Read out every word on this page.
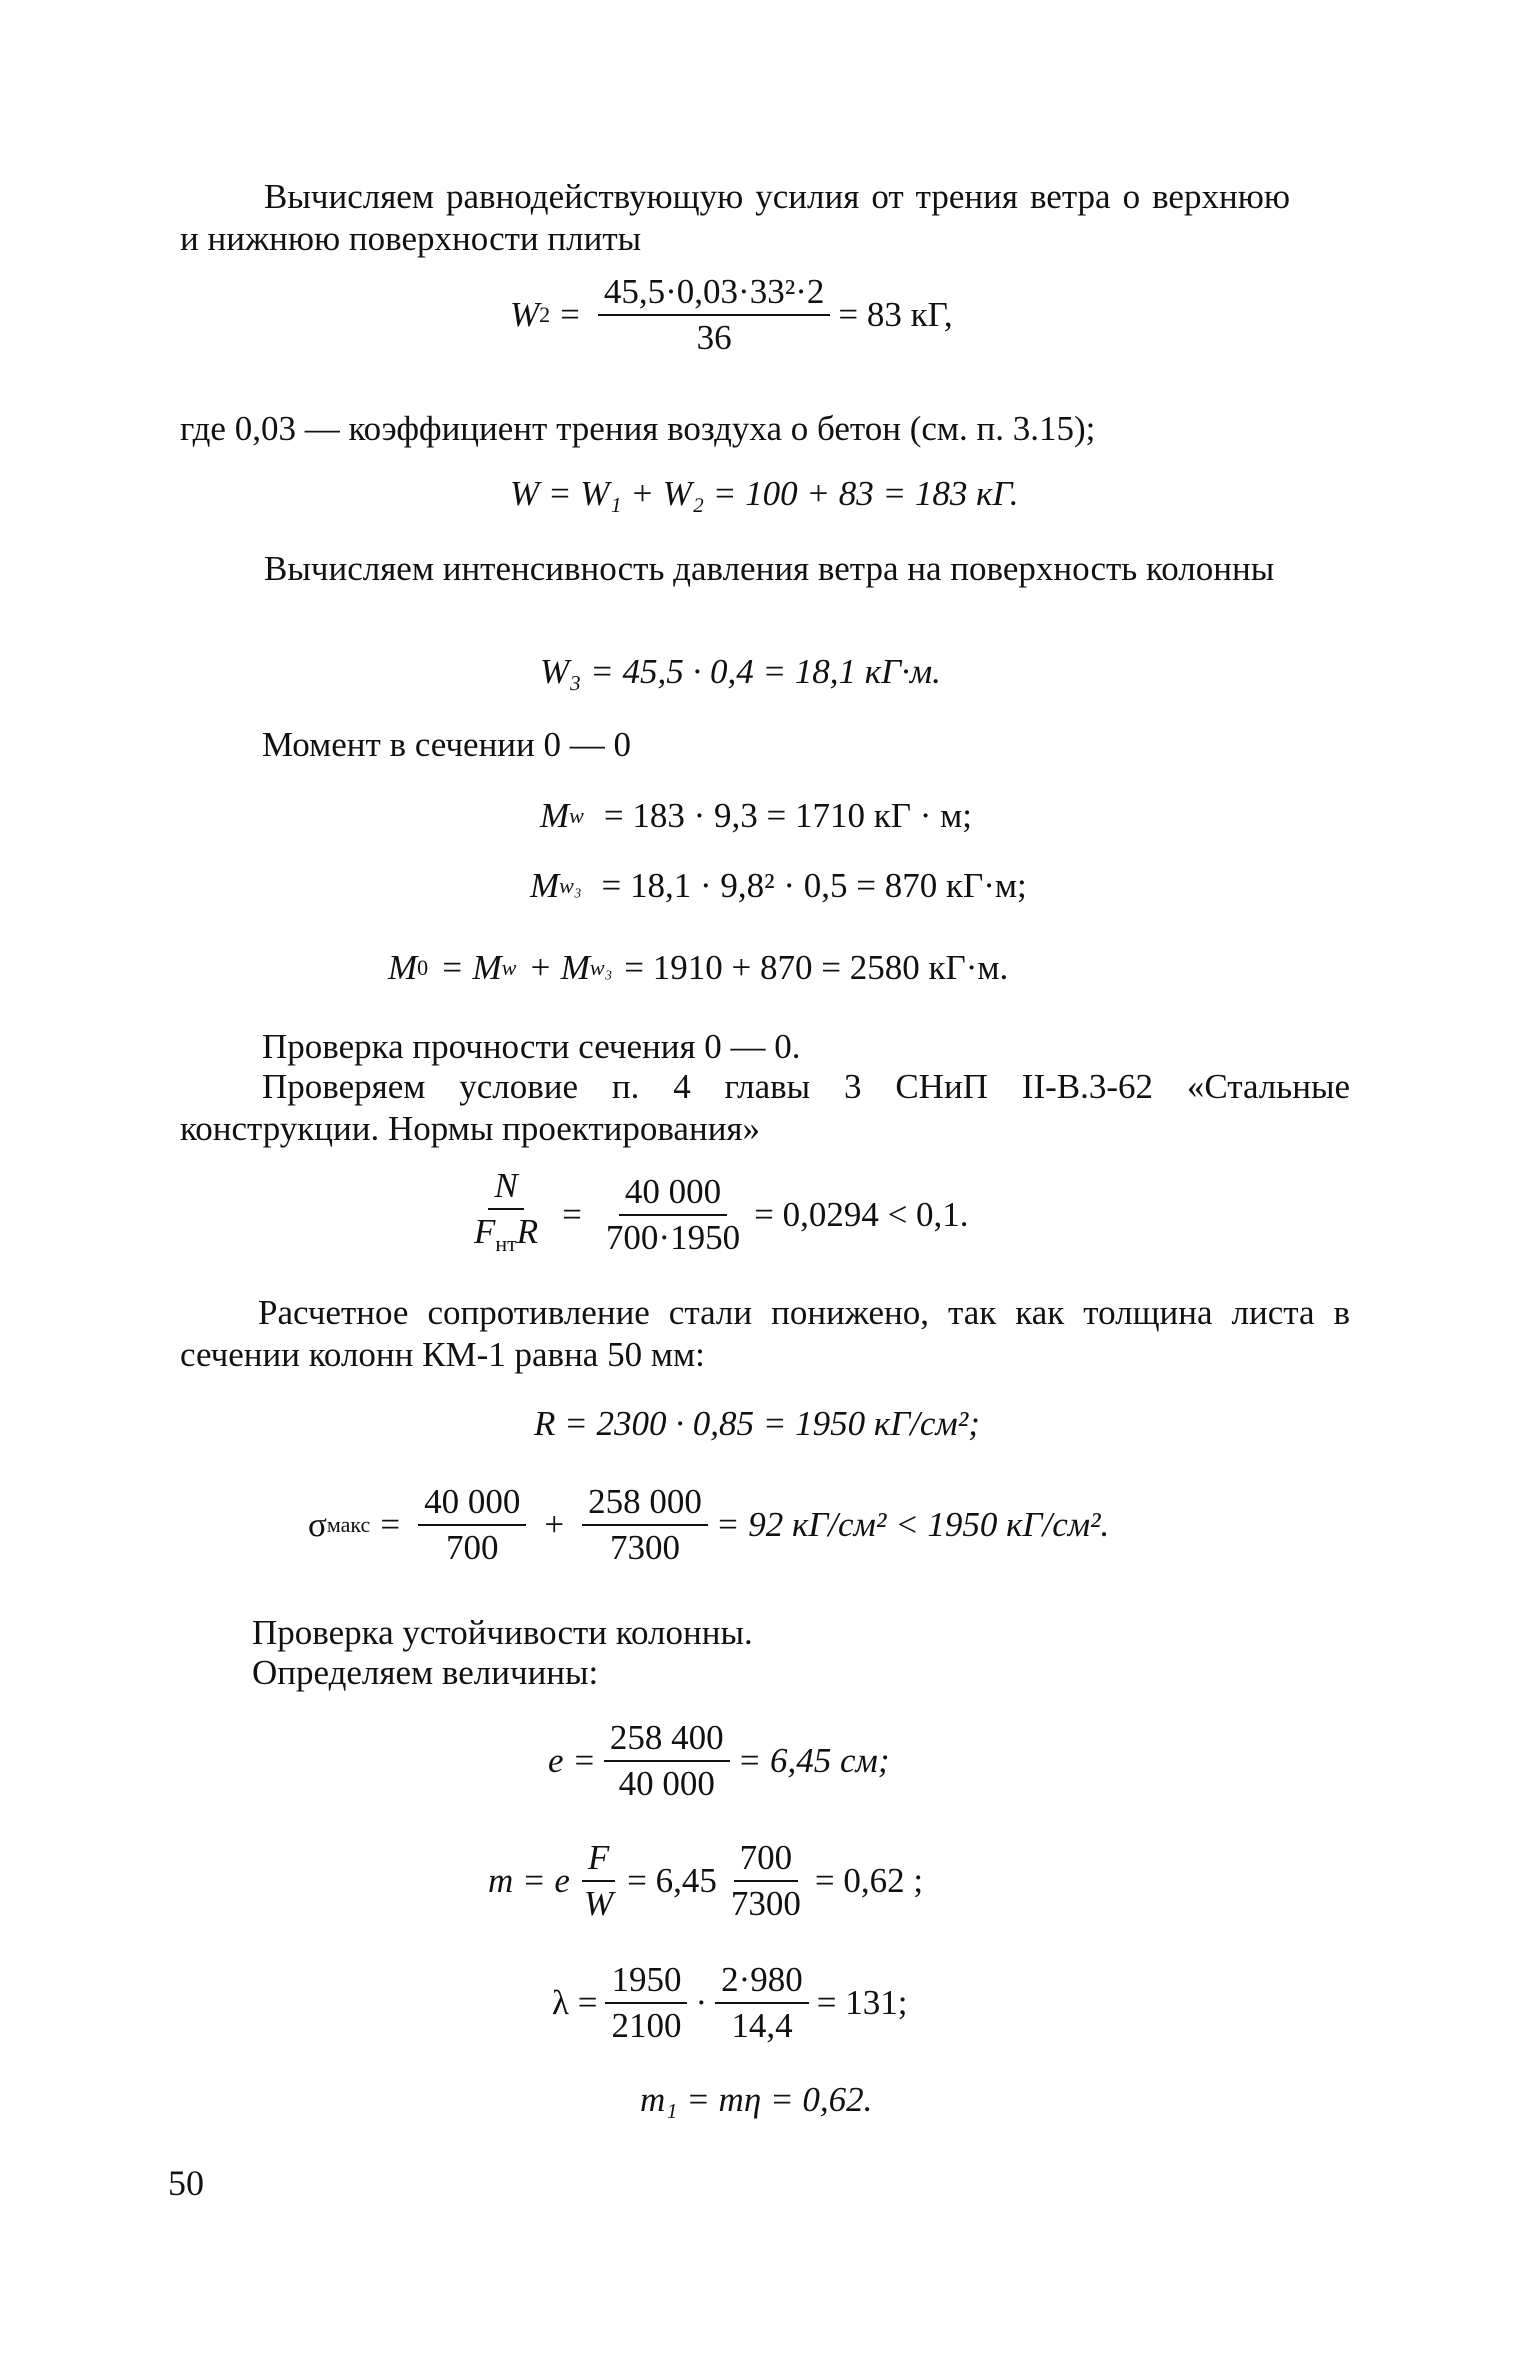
Вычисляем равнодействующую усилия от трения ветра о верхнюю и нижнюю поверхности плиты

W $2 = \frac{\text{45,5·0,03·33²·2}}{36} = 83$ кГ,

где 0,03 — коэффициент трения воздуха о бетон (см. п. 3.15);

W = W₁ + W₂ = 100 + 83 = 183 кГ.

Вычисляем интенсивность давления ветра на поверхность колонны

W₃ = 45,5 · 0,4 = 18,1 кГ·м.

Момент в сечении 0 — 0

M w = 183 · 9,3 = 1710 кГ · м;
M w₃ = 18,1 · 9,8² · 0,5 = 870 кГ·м;
M 0 = M w + M w₃ = 1910 + 870 = 2580 кГ·м.

Проверка прочности сечения 0 — 0.

Проверяем условие п. 4 главы 3 СНиП II-В.3-62 «Стальные конструкции. Нормы проектирования»

$\frac{N}{F_{нт}R} = \frac{40 000}{700\cdot 1950} = 0,0294 < 0,1$.

Расчетное сопротивление стали понижено, так как толщина листа в сечении колонн КМ-1 равна 50 мм:

R = 2300 · 0,85 = 1950 кГ/см²;
σ макс = $\frac{40 000}{700} + \frac{258 000}{7300} = 92$ кГ/см² < 1950 кГ/см².

Проверка устойчивости колонны.

Определяем величины:

$e = \frac{258 400}{40 000} = 6,45$ см;
m = e $\frac{F}{W} = 6,45 \frac{700}{7300} = 0,62$ ;
$\lambda = \frac{1950}{2100} \cdot \frac{2\cdot 980}{14,4} = 131$;
m₁ = mη = 0,62.
50
